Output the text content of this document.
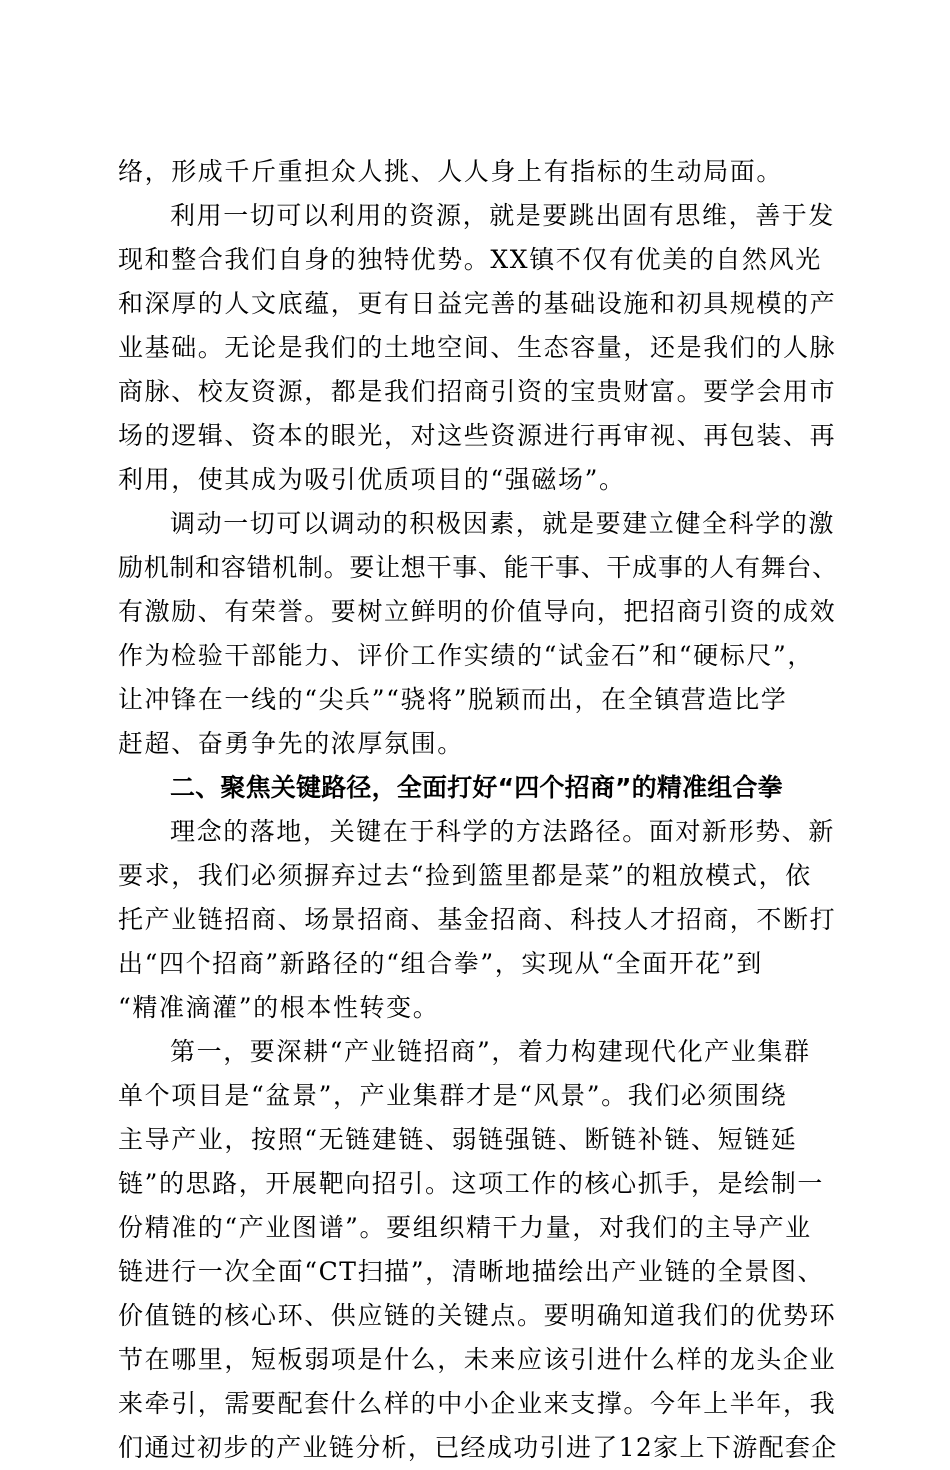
络，形成千斤重担众人挑、人人身上有指标的生动局面。
利用一切可以利用的资源，就是要跳出固有思维，善于发
现和整合我们自身的独特优势。XX镇不仅有优美的自然风光
和深厚的人文底蕴，更有日益完善的基础设施和初具规模的产
业基础。无论是我们的土地空间、生态容量，还是我们的人脉
商脉、校友资源，都是我们招商引资的宝贵财富。要学会用市
场的逻辑、资本的眼光，对这些资源进行再审视、再包装、再
利用，使其成为吸引优质项目的“强磁场”。
调动一切可以调动的积极因素，就是要建立健全科学的激
励机制和容错机制。要让想干事、能干事、干成事的人有舞台、
有激励、有荣誉。要树立鲜明的价值导向，把招商引资的成效
作为检验干部能力、评价工作实绩的“试金石”和“硬标尺”，
让冲锋在一线的“尖兵”“骁将”脱颖而出，在全镇营造比学
赶超、奋勇争先的浓厚氛围。
二、聚焦关键路径，全面打好“四个招商”的精准组合拳
理念的落地，关键在于科学的方法路径。面对新形势、新
要求，我们必须摒弃过去“捡到篮里都是菜”的粗放模式，依
托产业链招商、场景招商、基金招商、科技人才招商，不断打
出“四个招商”新路径的“组合拳”，实现从“全面开花”到
“精准滴灌”的根本性转变。
第一，要深耕“产业链招商”，着力构建现代化产业集群
单个项目是“盆景”，产业集群才是“风景”。我们必须围绕
主导产业，按照“无链建链、弱链强链、断链补链、短链延
链”的思路，开展靶向招引。这项工作的核心抓手，是绘制一
份精准的“产业图谱”。要组织精干力量，对我们的主导产业
链进行一次全面“CT扫描”，清晰地描绘出产业链的全景图、
价值链的核心环、供应链的关键点。要明确知道我们的优势环
节在哪里，短板弱项是什么，未来应该引进什么样的龙头企业
来牵引，需要配套什么样的中小企业来支撑。今年上半年，我
们通过初步的产业链分析，已经成功引进了12家上下游配套企
